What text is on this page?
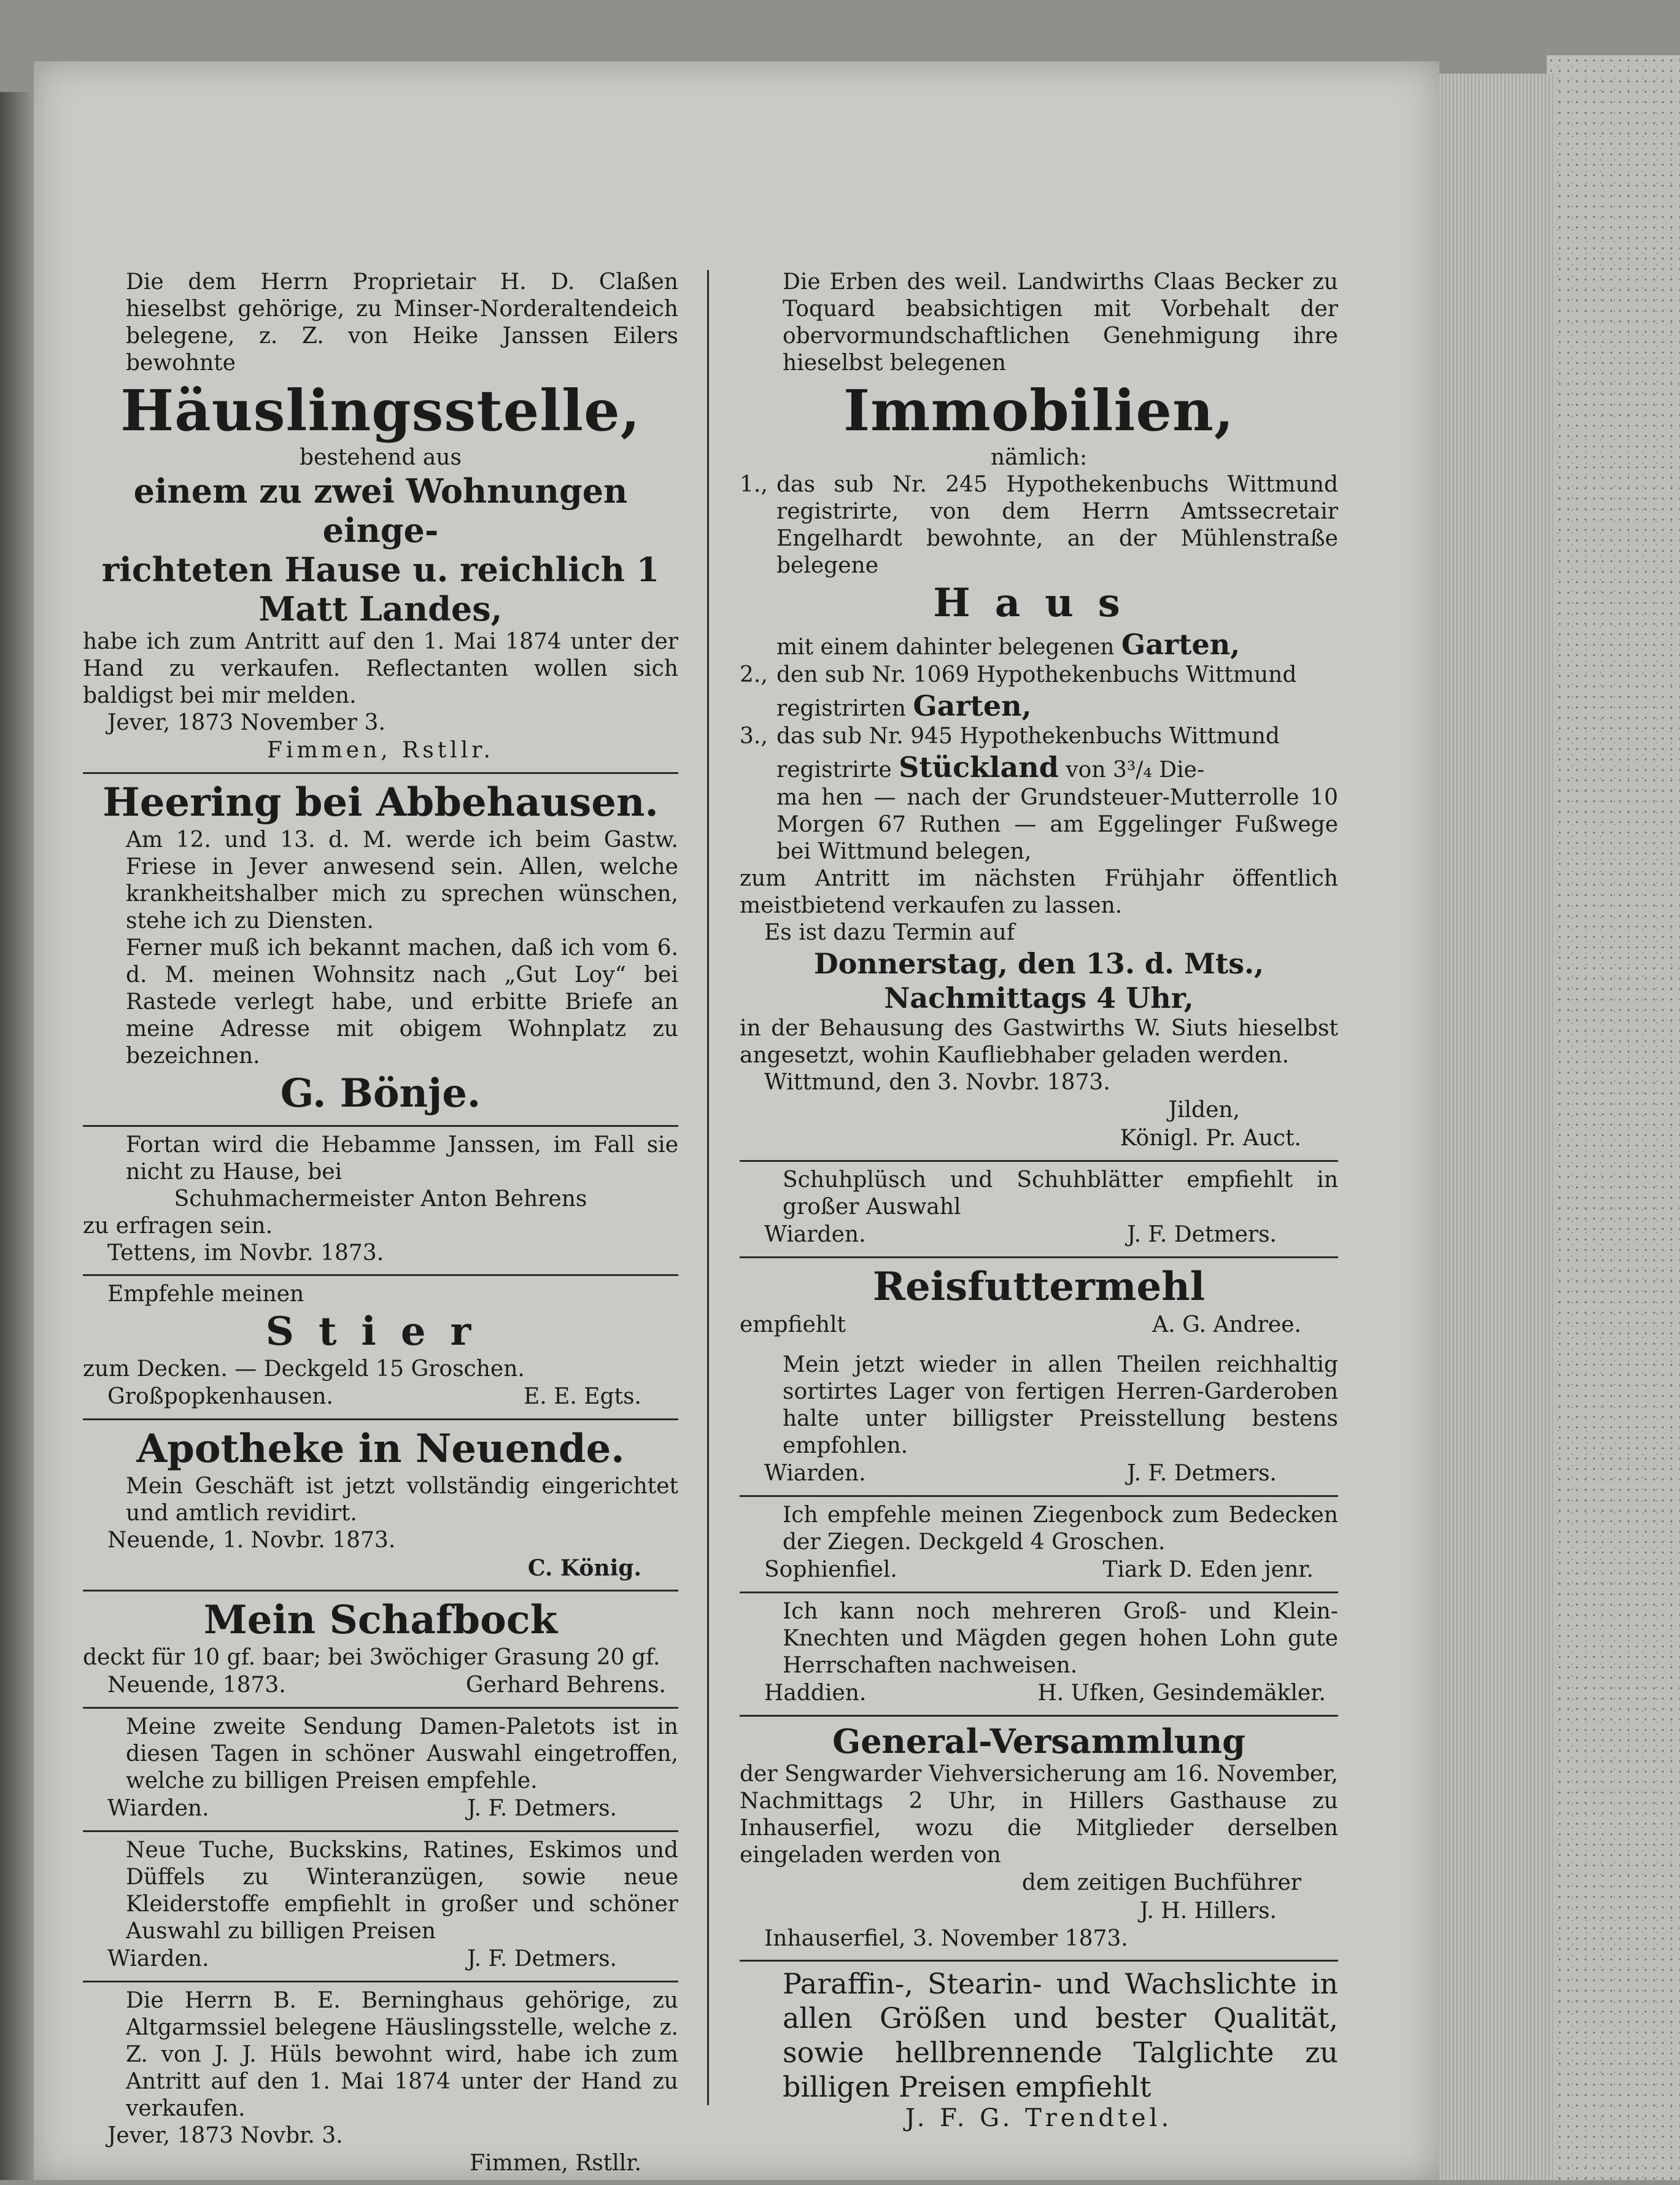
Die dem Herrn Proprietair H. D. Claßen hieselbst gehörige, zu Minser-Norderaltendeich belegene, z. Z. von Heike Janssen Eilers bewohnte
Häuslingsstelle,
bestehend aus
einem zu zwei Wohnungen einge-
richteten Hause u. reichlich 1
Matt Landes,
habe ich zum Antritt auf den 1. Mai 1874 unter der Hand zu verkaufen. Reflectanten wollen sich baldigst bei mir melden.
Jever, 1873 November 3.
Fimmen, Rstllr.
Heering bei Abbehausen.
Am 12. und 13. d. M. werde ich beim Gastw. Friese in Jever anwesend sein. Allen, welche krankheitshalber mich zu sprechen wünschen, stehe ich zu Diensten.
Ferner muß ich bekannt machen, daß ich vom 6. d. M. meinen Wohnsitz nach „Gut Loy“ bei Rastede verlegt habe, und erbitte Briefe an meine Adresse mit obigem Wohnplatz zu bezeichnen.
G. Bönje.
Fortan wird die Hebamme Janssen, im Fall sie nicht zu Hause, bei
Schuhmachermeister Anton Behrens
zu erfragen sein.
Tettens, im Novbr. 1873.
Empfehle meinen
Stier
zum Decken. — Deckgeld 15 Groschen.
Großpopkenhausen.	E. E. Egts.
Apotheke in Neuende.
Mein Geschäft ist jetzt vollständig eingerichtet und amtlich revidirt.
Neuende, 1. Novbr. 1873.
C. König.
Mein Schafbock
deckt für 10 gf. baar; bei 3wöchiger Grasung 20 gf.
Neuende, 1873.	Gerhard Behrens.
Meine zweite Sendung Damen-Paletots ist in diesen Tagen in schöner Auswahl eingetroffen, welche zu billigen Preisen empfehle.
Wiarden.	J. F. Detmers.
Neue Tuche, Buckskins, Ratines, Eskimos und Düffels zu Winteranzügen, sowie neue Kleiderstoffe empfiehlt in großer und schöner Auswahl zu billigen Preisen
Wiarden.	J. F. Detmers.
Die Herrn B. E. Berninghaus gehörige, zu Altgarmssiel belegene Häuslingsstelle, welche z. Z. von J. J. Hüls bewohnt wird, habe ich zum Antritt auf den 1. Mai 1874 unter der Hand zu verkaufen.
Jever, 1873 Novbr. 3.
Fimmen, Rstllr.
Die Erben des weil. Landwirths Claas Becker zu Toquard beabsichtigen mit Vorbehalt der obervormundschaftlichen Genehmigung ihre hieselbst belegenen
Immobilien,
nämlich:
1., das sub Nr. 245 Hypothekenbuchs Wittmund registrirte, von dem Herrn Amtssecretair Engelhardt bewohnte, an der Mühlenstraße belegene
Haus
mit einem dahinter belegenen Garten,
2., den sub Nr. 1069 Hypothekenbuchs Wittmund
registrirten Garten,
3., das sub Nr. 945 Hypothekenbuchs Wittmund
registrirte Stückland von 3³/₄ Die-
ma hen — nach der Grundsteuer-Mutterrolle 10 Morgen 67 Ruthen — am Eggelinger Fußwege bei Wittmund belegen,
zum Antritt im nächsten Frühjahr öffentlich meistbietend verkaufen zu lassen.
Es ist dazu Termin auf
Donnerstag, den 13. d. Mts.,
Nachmittags 4 Uhr,
in der Behausung des Gastwirths W. Siuts hieselbst angesetzt, wohin Kaufliebhaber geladen werden.
Wittmund, den 3. Novbr. 1873.
Jilden,
Königl. Pr. Auct.
Schuhplüsch und Schuhblätter empfiehlt in großer Auswahl
Wiarden.	J. F. Detmers.
Reisfuttermehl
empfiehlt	A. G. Andree.
Mein jetzt wieder in allen Theilen reichhaltig sortirtes Lager von fertigen Herren-Garderoben halte unter billigster Preisstellung bestens empfohlen.
Wiarden.	J. F. Detmers.
Ich empfehle meinen Ziegenbock zum Bedecken der Ziegen. Deckgeld 4 Groschen.
Sophienfiel.	Tiark D. Eden jenr.
Ich kann noch mehreren Groß- und Klein-Knechten und Mägden gegen hohen Lohn gute Herrschaften nachweisen.
Haddien.	H. Ufken, Gesindemäkler.
General-Versammlung
der Sengwarder Viehversicherung am 16. November, Nachmittags 2 Uhr, in Hillers Gasthause zu Inhauserfiel, wozu die Mitglieder derselben eingeladen werden von
dem zeitigen Buchführer
J. H. Hillers.
Inhauserfiel, 3. November 1873.
Paraffin-, Stearin- und Wachslichte in allen Größen und bester Qualität, sowie hellbrennende Talglichte zu billigen Preisen empfiehlt
J. F. G. Trendtel.
